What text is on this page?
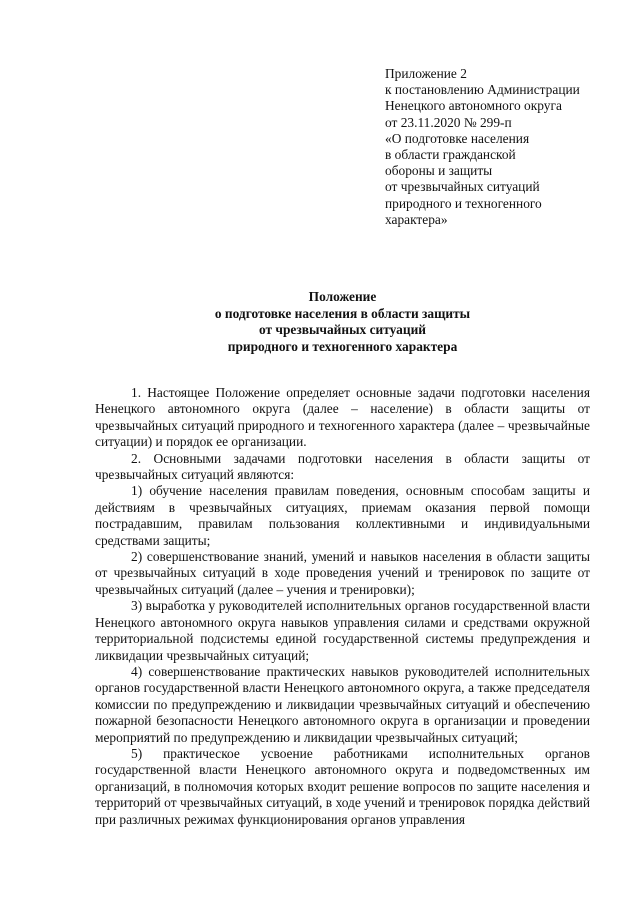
Приложение 2
к постановлению Администрации
Ненецкого автономного округа
от 23.11.2020 № 299-п
«О подготовке населения
в области гражданской
обороны и защиты
от чрезвычайных ситуаций
природного и техногенного
характера»
Положение
о подготовке населения в области защиты
от чрезвычайных ситуаций
природного и техногенного характера

1. Настоящее Положение определяет основные задачи подготовки населения Ненецкого автономного округа (далее – население) в области защиты от чрезвычайных ситуаций природного и техногенного характера (далее – чрезвычайные ситуации) и порядок ее организации.

2. Основными задачами подготовки населения в области защиты от чрезвычайных ситуаций являются:

1) обучение населения правилам поведения, основным способам защиты и действиям в чрезвычайных ситуациях, приемам оказания первой помощи пострадавшим, правилам пользования коллективными и индивидуальными средствами защиты;

2) совершенствование знаний, умений и навыков населения в области защиты от чрезвычайных ситуаций в ходе проведения учений и тренировок по защите от чрезвычайных ситуаций (далее – учения и тренировки);

3) выработка у руководителей исполнительных органов государственной власти Ненецкого автономного округа навыков управления силами и средствами окружной территориальной подсистемы единой государственной системы предупреждения и ликвидации чрезвычайных ситуаций;

4) совершенствование практических навыков руководителей исполнительных органов государственной власти Ненецкого автономного округа, а также председателя комиссии по предупреждению и ликвидации чрезвычайных ситуаций и обеспечению пожарной безопасности Ненецкого автономного округа в организации и проведении мероприятий по предупреждению и ликвидации чрезвычайных ситуаций;

5) практическое усвоение работниками исполнительных органов государственной власти Ненецкого автономного округа и подведомственных им организаций, в полномочия которых входит решение вопросов по защите населения и территорий от чрезвычайных ситуаций, в ходе учений и тренировок порядка действий при различных режимах функционирования органов управления
